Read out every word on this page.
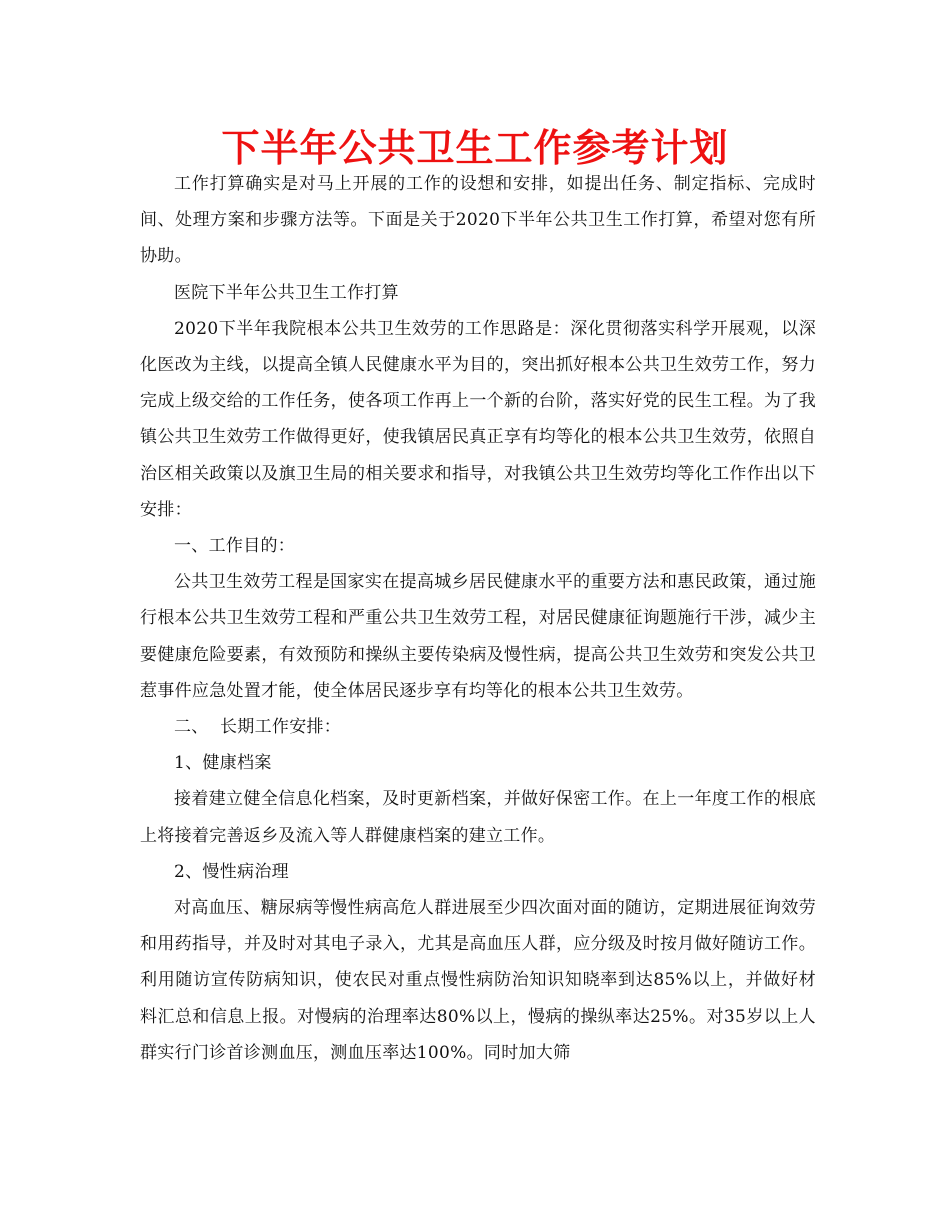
下半年公共卫生工作参考计划

工作打算确实是对马上开展的工作的设想和安排，如提出任务、制定指标、完成时间、处理方案和步骤方法等。下面是关于2020下半年公共卫生工作打算，希望对您有所协助。

医院下半年公共卫生工作打算

2020下半年我院根本公共卫生效劳的工作思路是：深化贯彻落实科学开展观，以深化医改为主线，以提高全镇人民健康水平为目的，突出抓好根本公共卫生效劳工作，努力完成上级交给的工作任务，使各项工作再上一个新的台阶，落实好党的民生工程。为了我镇公共卫生效劳工作做得更好，使我镇居民真正享有均等化的根本公共卫生效劳，依照自治区相关政策以及旗卫生局的相关要求和指导，对我镇公共卫生效劳均等化工作作出以下安排：

一、工作目的：

公共卫生效劳工程是国家实在提高城乡居民健康水平的重要方法和惠民政策，通过施行根本公共卫生效劳工程和严重公共卫生效劳工程，对居民健康征询题施行干涉，减少主要健康危险要素，有效预防和操纵主要传染病及慢性病，提高公共卫生效劳和突发公共卫惹事件应急处置才能，使全体居民逐步享有均等化的根本公共卫生效劳。

二、  长期工作安排：

1、健康档案

接着建立健全信息化档案，及时更新档案，并做好保密工作。在上一年度工作的根底上将接着完善返乡及流入等人群健康档案的建立工作。

2、慢性病治理

对高血压、糖尿病等慢性病高危人群进展至少四次面对面的随访，定期进展征询效劳和用药指导，并及时对其电子录入，尤其是高血压人群，应分级及时按月做好随访工作。利用随访宣传防病知识，使农民对重点慢性病防治知识知晓率到达85%以上，并做好材料汇总和信息上报。对慢病的治理率达80%以上，慢病的操纵率达25%。对35岁以上人群实行门诊首诊测血压，测血压率达100%。同时加大筛
